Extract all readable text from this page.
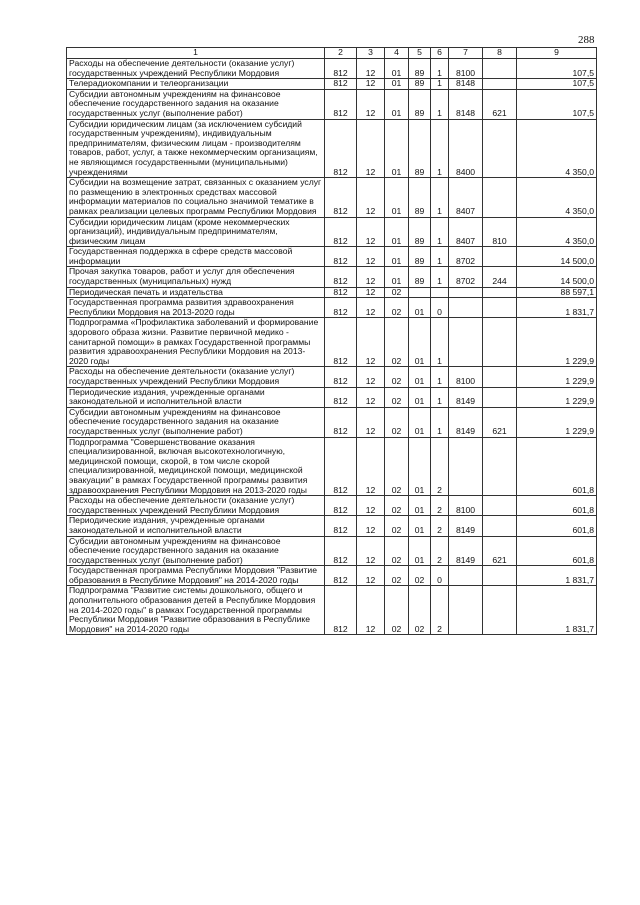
288
1	2	3	4	5	6	7	8	9
Расходы на обеспечение деятельности (оказание услуг) государственных учреждений Республики Мордовия	812	12	01	89	1	8100		107,5
Телерадиокомпании и телеорганизации	812	12	01	89	1	8148		107,5
Субсидии автономным учреждениям на финансовое обеспечение государственного задания на оказание государственных услуг (выполнение работ)	812	12	01	89	1	8148	621	107,5
Субсидии юридическим лицам (за исключением субсидий государственным учреждениям), индивидуальным предпринимателям, физическим лицам - производителям товаров, работ, услуг, а также некоммерческим организациям, не являющимся государственными (муниципальными) учреждениями	812	12	01	89	1	8400		4 350,0
Субсидии на возмещение затрат, связанных с оказанием услуг по размещению в электронных средствах массовой информации материалов по социально значимой тематике в рамках реализации целевых программ Республики Мордовия	812	12	01	89	1	8407		4 350,0
Субсидии юридическим лицам (кроме некоммерческих организаций), индивидуальным предпринимателям, физическим лицам	812	12	01	89	1	8407	810	4 350,0
Государственная поддержка в сфере средств массовой информации	812	12	01	89	1	8702		14 500,0
Прочая закупка товаров, работ и услуг для обеспечения государственных (муниципальных) нужд	812	12	01	89	1	8702	244	14 500,0
Периодическая печать и издательства	812	12	02					88 597,1
Государственная программа развития здравоохранения Республики Мордовия на 2013-2020 годы	812	12	02	01	0			1 831,7
Подпрограмма «Профилактика заболеваний и формирование здорового образа жизни. Развитие первичной медико - санитарной помощи» в рамках Государственной программы развития здравоохранения Республики Мордовия на 2013-2020 годы	812	12	02	01	1			1 229,9
Расходы на обеспечение деятельности (оказание услуг) государственных учреждений Республики Мордовия	812	12	02	01	1	8100		1 229,9
Периодические издания, учрежденные органами законодательной и исполнительной власти	812	12	02	01	1	8149		1 229,9
Субсидии автономным учреждениям на финансовое обеспечение государственного задания на оказание государственных услуг (выполнение работ)	812	12	02	01	1	8149	621	1 229,9
Подпрограмма "Совершенствование оказания специализированной, включая высокотехнологичную, медицинской помощи, скорой, в том числе скорой специализированной, медицинской помощи, медицинской эвакуации" в рамках Государственной программы развития здравоохранения Республики Мордовия на 2013-2020 годы	812	12	02	01	2			601,8
Расходы на обеспечение деятельности (оказание услуг) государственных учреждений Республики Мордовия	812	12	02	01	2	8100		601,8
Периодические издания, учрежденные органами законодательной и исполнительной власти	812	12	02	01	2	8149		601,8
Субсидии автономным учреждениям на финансовое обеспечение государственного задания на оказание государственных услуг (выполнение работ)	812	12	02	01	2	8149	621	601,8
Государственная программа Республики Мордовия "Развитие образования в Республике Мордовия" на 2014-2020 годы	812	12	02	02	0			1 831,7
Подпрограмма "Развитие системы дошкольного, общего и дополнительного образования детей в Республике Мордовия на 2014-2020 годы" в рамках Государственной программы Республики Мордовия "Развитие образования в Республике Мордовия" на 2014-2020 годы	812	12	02	02	2			1 831,7
